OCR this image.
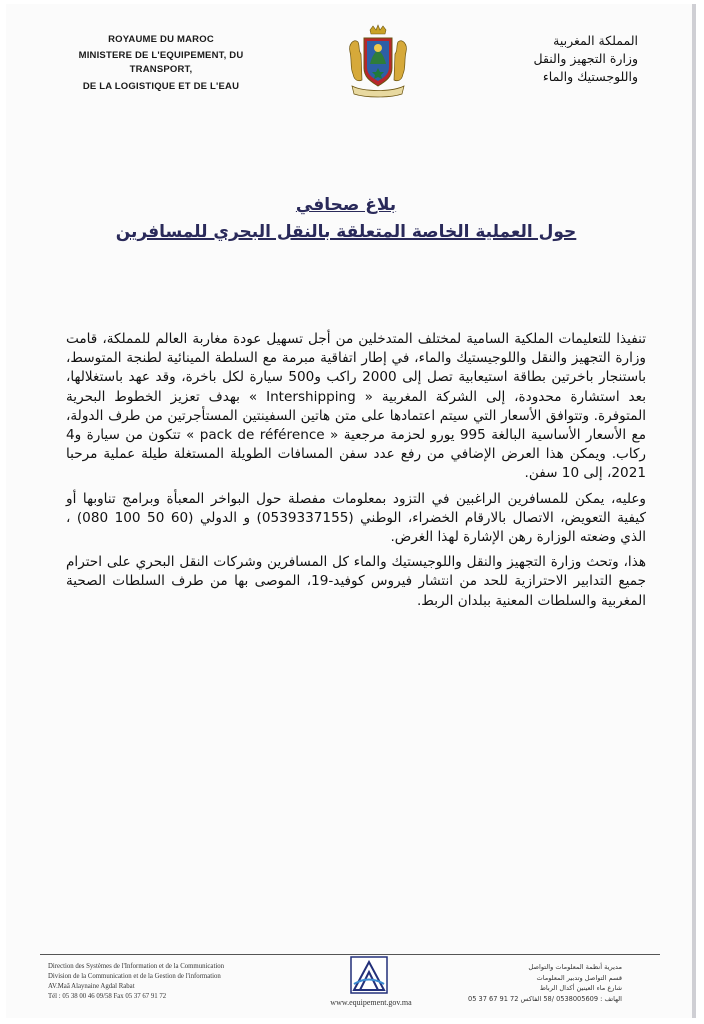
ROYAUME DU MAROC
MINISTERE DE L'EQUIPEMENT, DU TRANSPORT,
DE LA LOGISTIQUE ET DE L'EAU
المملكة المغربية
وزارة التجهيز والنقل
واللوجستيك والماء
بلاغ صحافي
حول العملية الخاصة المتعلقة بالنقل البحري للمسافرين

تنفيذا للتعليمات الملكية السامية لمختلف المتدخلين من أجل تسهيل عودة مغاربة العالم للمملكة، قامت وزارة التجهيز والنقل واللوجيستيك والماء، في إطار اتفاقية مبرمة مع السلطة المينائية لطنجة المتوسط، باستنجار باخرتين بطاقة استيعابية تصل إلى 2000 راكب و500 سيارة لكل باخرة، وقد عهد باستغلالها، بعد استشارة محدودة، إلى الشركة المغربية « Intershipping » بهدف تعزيز الخطوط البحرية المتوفرة. وتتوافق الأسعار التي سيتم اعتمادها على متن هاتين السفينتين المستأجرتين من طرف الدولة، مع الأسعار الأساسية البالغة 995 يورو لحزمة مرجعية « pack de référence » تتكون من سيارة و4 ركاب. ويمكن هذا العرض الإضافي من رفع عدد سفن المسافات الطويلة المستغلة طيلة عملية مرحبا 2021، إلى 10 سفن.

وعليه، يمكن للمسافرين الراغبين في التزود بمعلومات مفصلة حول البواخر المعبأة وبرامج تناوبها أو كيفية التعويض، الاتصال بالارقام الخضراء، الوطني (0539337155) و الدولي (60 50 100 080) ، الذي وضعته الوزارة رهن الإشارة لهذا الغرض.

هذا، وتحث وزارة التجهيز والنقل واللوجيستيك والماء كل المسافرين وشركات النقل البحري على احترام جميع التدابير الاحترازية للحد من انتشار فيروس كوفيد-19، الموصى بها من طرف السلطات الصحية المغربية والسلطات المعنية ببلدان الربط.

Direction des Systèmes de l'Information et de la Communication
Division de la Communication et de la Gestion de l'information
AV.Maâ Alaynaine Agdal Rabat
Tél : 05 38 00 46 09/58 Fax 05 37 67 91 72
www.equipement.gov.ma
مديرية أنظمة المعلومات والتواصل
قسم التواصل وتدبير المعلومات
شارع ماء العينين أكدال الرباط
الهاتف : 0538005609 /58 الفاكس 72 91 67 37 05
